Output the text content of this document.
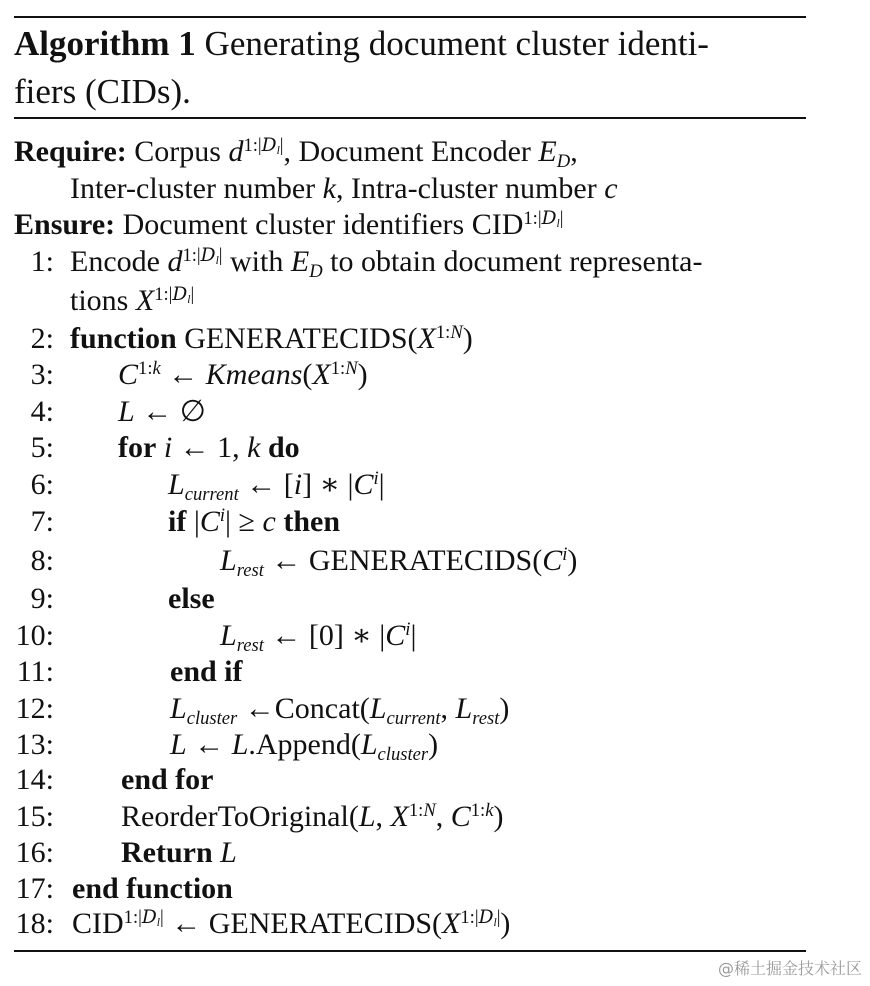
Algorithm 1 Generating document cluster identi-
fiers (CIDs).
Require: Corpus $d^{1:|D_l|}$, Document Encoder $E_D$,
Inter-cluster number k, Intra-cluster number c
Ensure: Document cluster identifiers $CID^{1:|D_l|}$
1: Encode $d^{1:|D_l|}$ with $E_D$ to obtain document representa-
tions $X^{1:|D_l|}$
2: function $GENERATECIDS(X^{1:N})$
3: $C^{1:k}$ ← $Kmeans(X^{1:N})$
4: L ← ∅
5: for i ← 1, k do
6:	$L_{current}$ ← [i] ∗ $|C^i|$
7:	if $|C^i| \ge c$ then
8:	$L_{rest}$ ← $GENERATECIDS(C^i)$
9:	else
10:	$L_{rest}$ ← [0] ∗ $|C^i|$
11:	end if
12:	$L_{cluster}$ $\leftarrow Concat(L_{current}$, $L_{rest}$)
13:	L ← $L.Append(L_{cluster})$
14: end for
15: ReorderToOriginal(L, $X^{1:N}$, $C^{1:k}$)
16: Return L
17: end function
18: $CID^{1:|D_l|}$ ← $GENERATECIDS(X^{1:|D_l|})$
@稀土掘金技术社区
